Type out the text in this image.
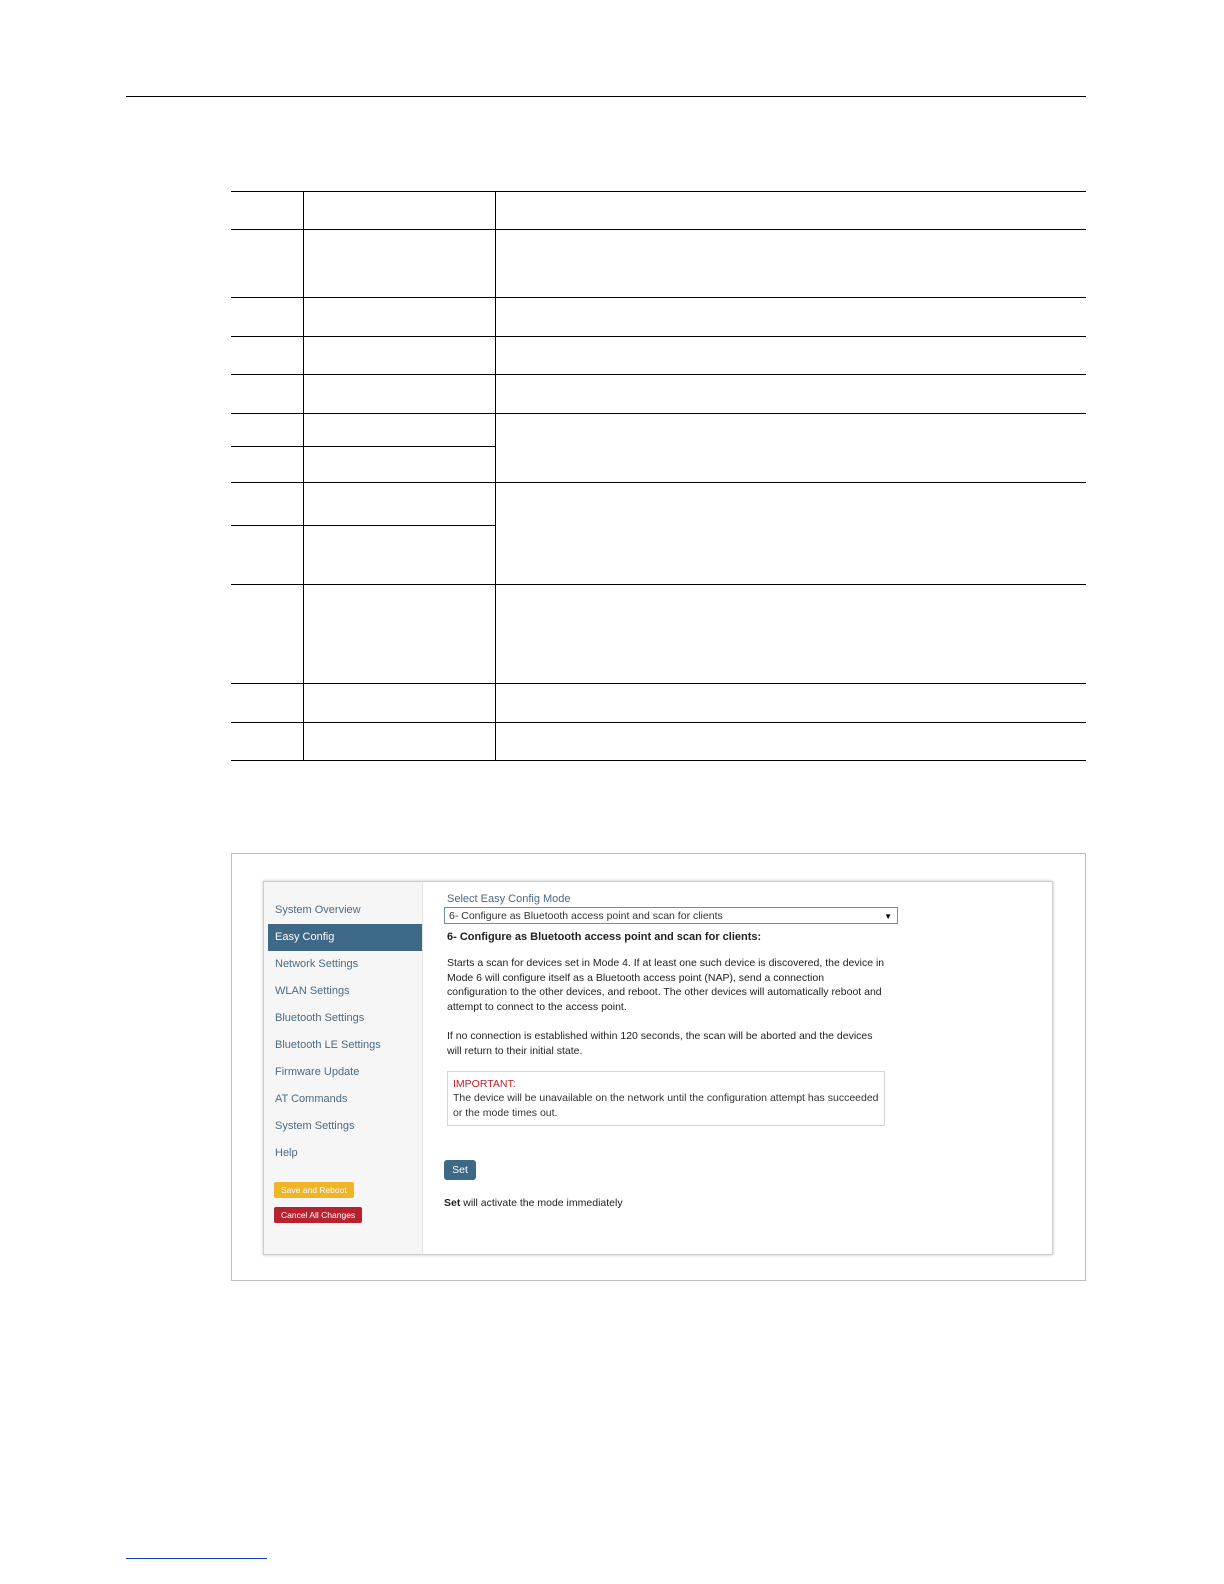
System Overview
Easy Config
Network Settings
WLAN Settings
Bluetooth Settings
Bluetooth LE Settings
Firmware Update
AT Commands
System Settings
Help
Save and Reboot
Cancel All Changes
Select Easy Config Mode
6- Configure as Bluetooth access point and scan for clients	▼
6- Configure as Bluetooth access point and scan for clients:

Starts a scan for devices set in Mode 4. If at least one such device is discovered, the device in Mode 6 will configure itself as a Bluetooth access point (NAP), send a connection configuration to the other devices, and reboot. The other devices will automatically reboot and attempt to connect to the access point.

If no connection is established within 120 seconds, the scan will be aborted and the devices will return to their initial state.

IMPORTANT:
The device will be unavailable on the network until the configuration attempt has succeeded or the mode times out.
Set
Set will activate the mode immediately
